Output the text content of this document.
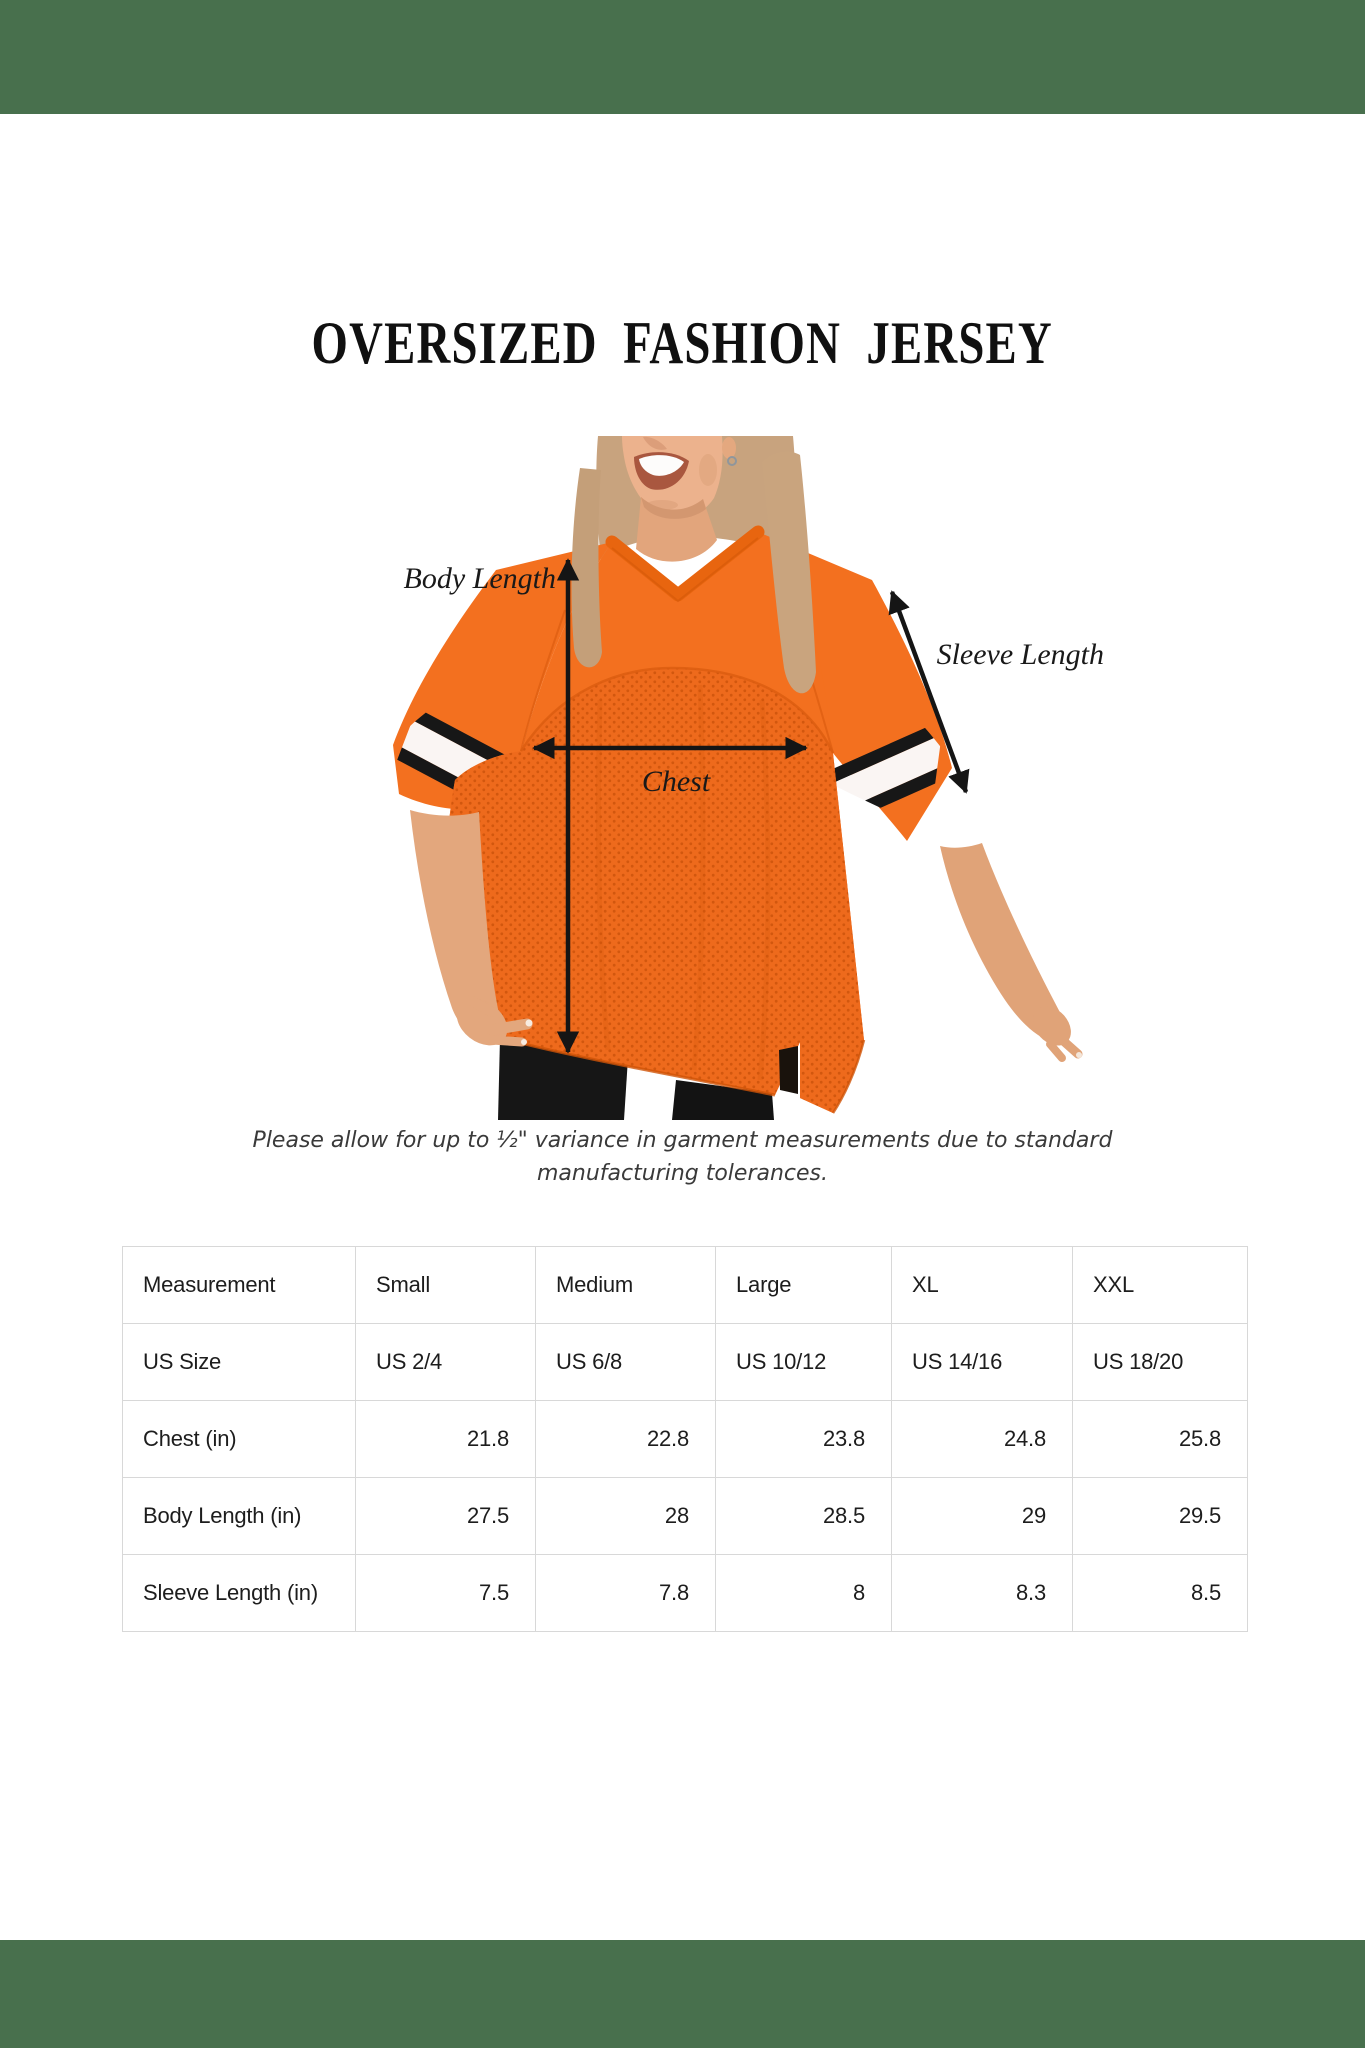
OVERSIZED FASHION JERSEY
Body Length
Sleeve Length
Chest
Please allow for up to ½" variance in garment measurements due to standard
manufacturing tolerances.
Measurement	Small	Medium	Large	XL	XXL
US Size	US 2/4	US 6/8	US 10/12	US 14/16	US 18/20
Chest (in)	21.8	22.8	23.8	24.8	25.8
Body Length (in)	27.5	28	28.5	29	29.5
Sleeve Length (in)	7.5	7.8	8	8.3	8.5
